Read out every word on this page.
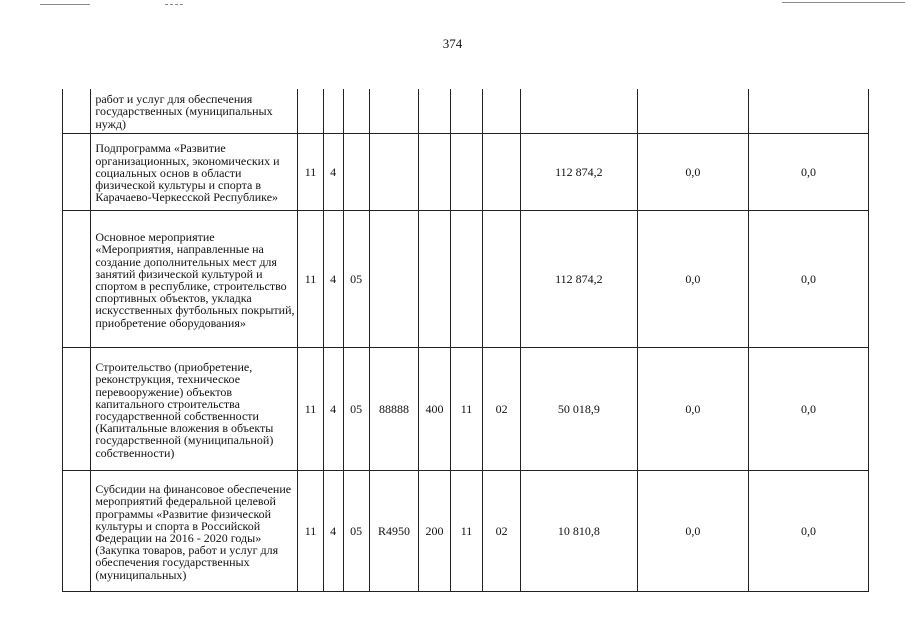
374

	работ и услуг для обеспечения государственных (муниципальных нужд)										

	Подпрограмма «Развитие организационных, экономических и социальных основ в области физической культуры и спорта в Карачаево-Черкесской Республике»	11	4						112 874,2	0,0	0,0

	Основное мероприятие «Мероприятия, направленные на создание дополнительных мест для занятий физической культурой и спортом в республике, строительство спортивных объектов, укладка искусственных футбольных покрытий, приобретение оборудования»	11	4	05					112 874,2	0,0	0,0

	Строительство (приобретение, реконструкция, техническое перевооружение) объектов капитального строительства государственной собственности (Капитальные вложения в объекты государственной (муниципальной) собственности)	11	4	05	88888	400	11	02	50 018,9	0,0	0,0

	Субсидии на финансовое обеспечение мероприятий федеральной целевой программы «Развитие физической культуры и спорта в Российской Федерации на 2016 - 2020 годы» (Закупка товаров, работ и услуг для обеспечения государственных (муниципальных)	11	4	05	R4950	200	11	02	10 810,8	0,0	0,0
